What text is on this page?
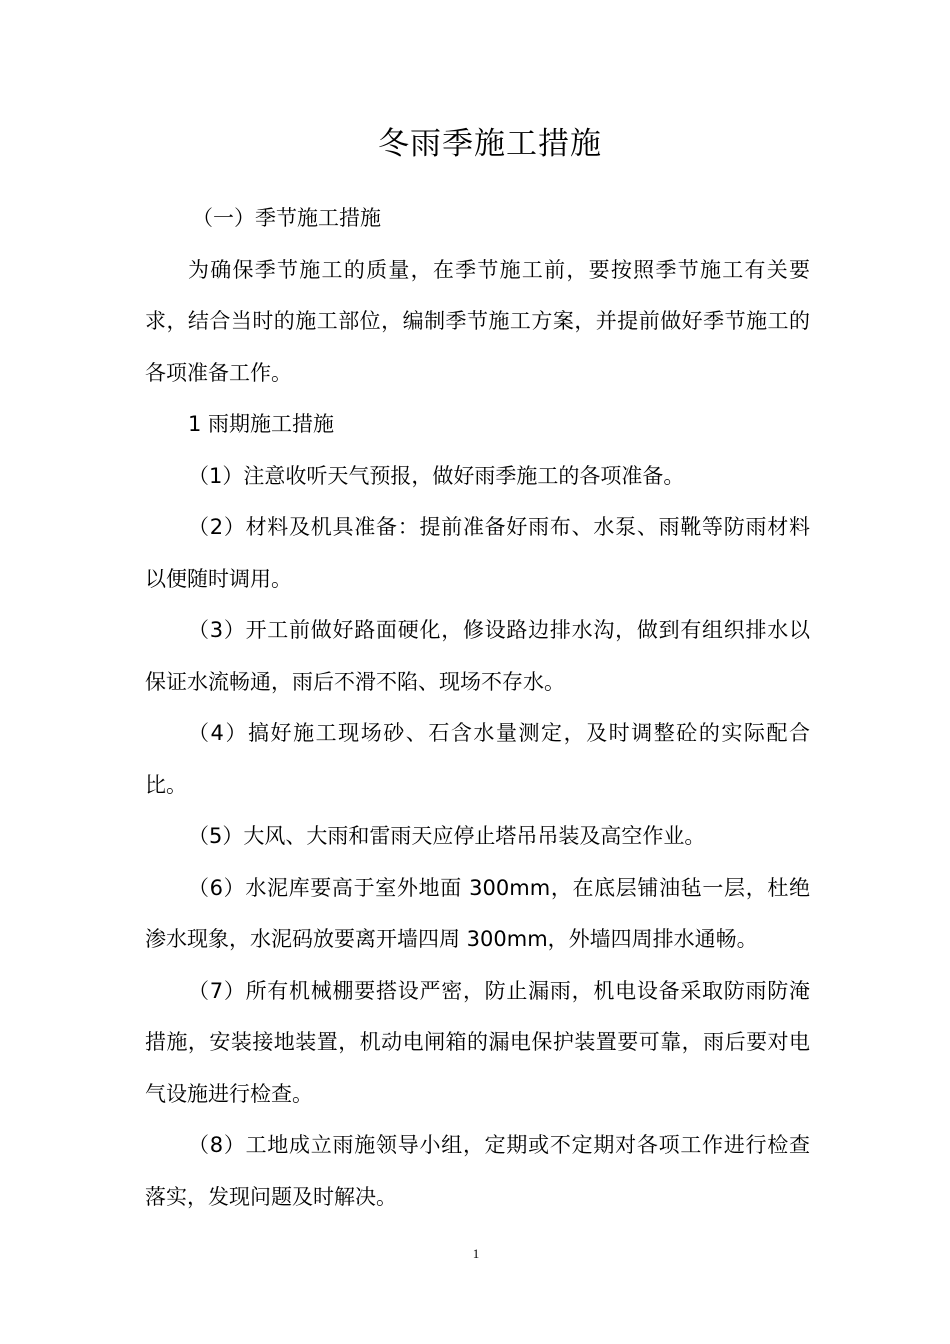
冬雨季施工措施

（一）季节施工措施

为确保季节施工的质量，在季节施工前，要按照季节施工有关要求，结合当时的施工部位，编制季节施工方案，并提前做好季节施工的各项准备工作。

1 雨期施工措施

（1）注意收听天气预报，做好雨季施工的各项准备。

（2）材料及机具准备：提前准备好雨布、水泵、雨靴等防雨材料以便随时调用。

（3）开工前做好路面硬化，修设路边排水沟，做到有组织排水以保证水流畅通，雨后不滑不陷、现场不存水。

（4）搞好施工现场砂、石含水量测定，及时调整砼的实际配合比。

（5）大风、大雨和雷雨天应停止塔吊吊装及高空作业。

（6）水泥库要高于室外地面 300mm，在底层铺油毡一层，杜绝渗水现象，水泥码放要离开墙四周 300mm，外墙四周排水通畅。

（7）所有机械棚要搭设严密，防止漏雨，机电设备采取防雨防淹措施，安装接地装置，机动电闸箱的漏电保护装置要可靠，雨后要对电气设施进行检查。

（8）工地成立雨施领导小组，定期或不定期对各项工作进行检查落实，发现问题及时解决。

1
